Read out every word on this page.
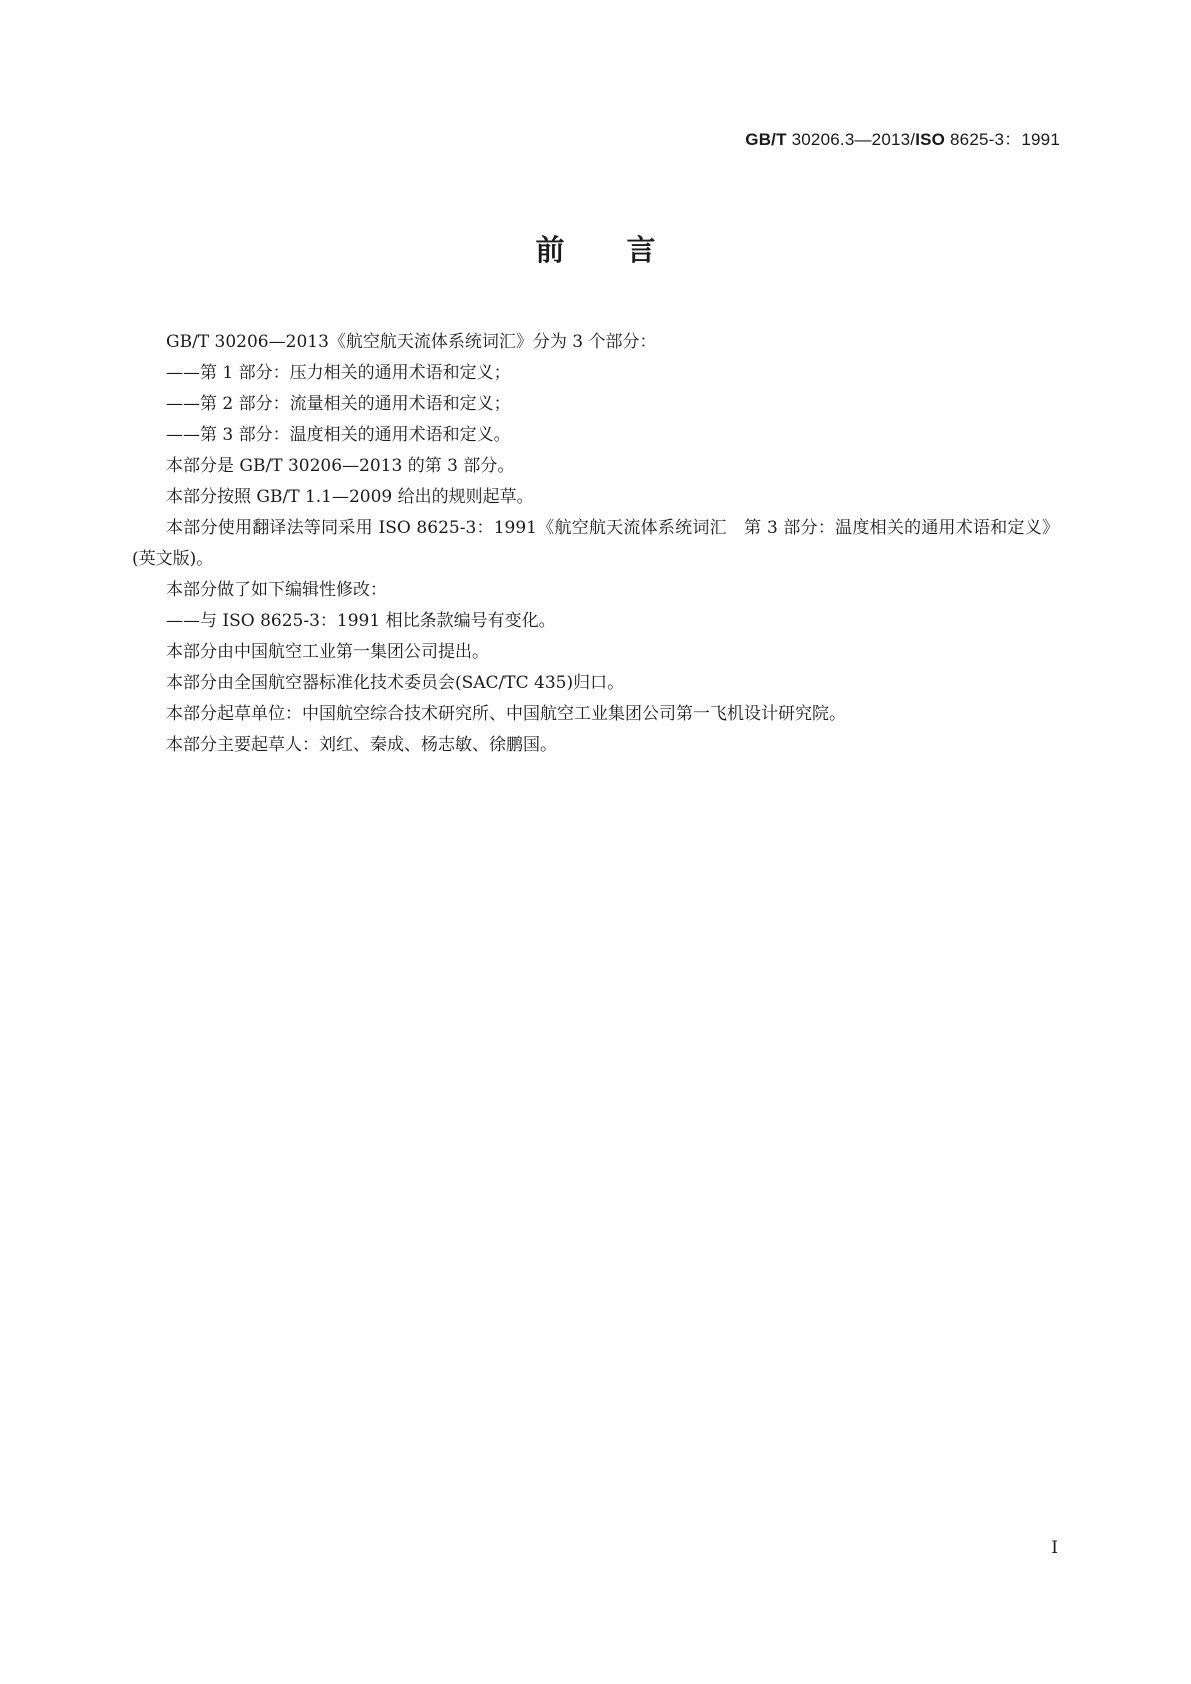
GB/T 30206.3—2013/ISO 8625-3：1991
前言

GB/T 30206—2013《航空航天流体系统词汇》分为 3 个部分：

——第 1 部分：压力相关的通用术语和定义；

——第 2 部分：流量相关的通用术语和定义；

——第 3 部分：温度相关的通用术语和定义。

本部分是 GB/T 30206—2013 的第 3 部分。

本部分按照 GB/T 1.1—2009 给出的规则起草。

本部分使用翻译法等同采用 ISO 8625-3：1991《航空航天流体系统词汇　第 3 部分：温度相关的通用术语和定义》(英文版)。

本部分做了如下编辑性修改：

——与 ISO 8625-3：1991 相比条款编号有变化。

本部分由中国航空工业第一集团公司提出。

本部分由全国航空器标准化技术委员会(SAC/TC 435)归口。

本部分起草单位：中国航空综合技术研究所、中国航空工业集团公司第一飞机设计研究院。

本部分主要起草人：刘红、秦成、杨志敏、徐鹏国。

Ⅰ
